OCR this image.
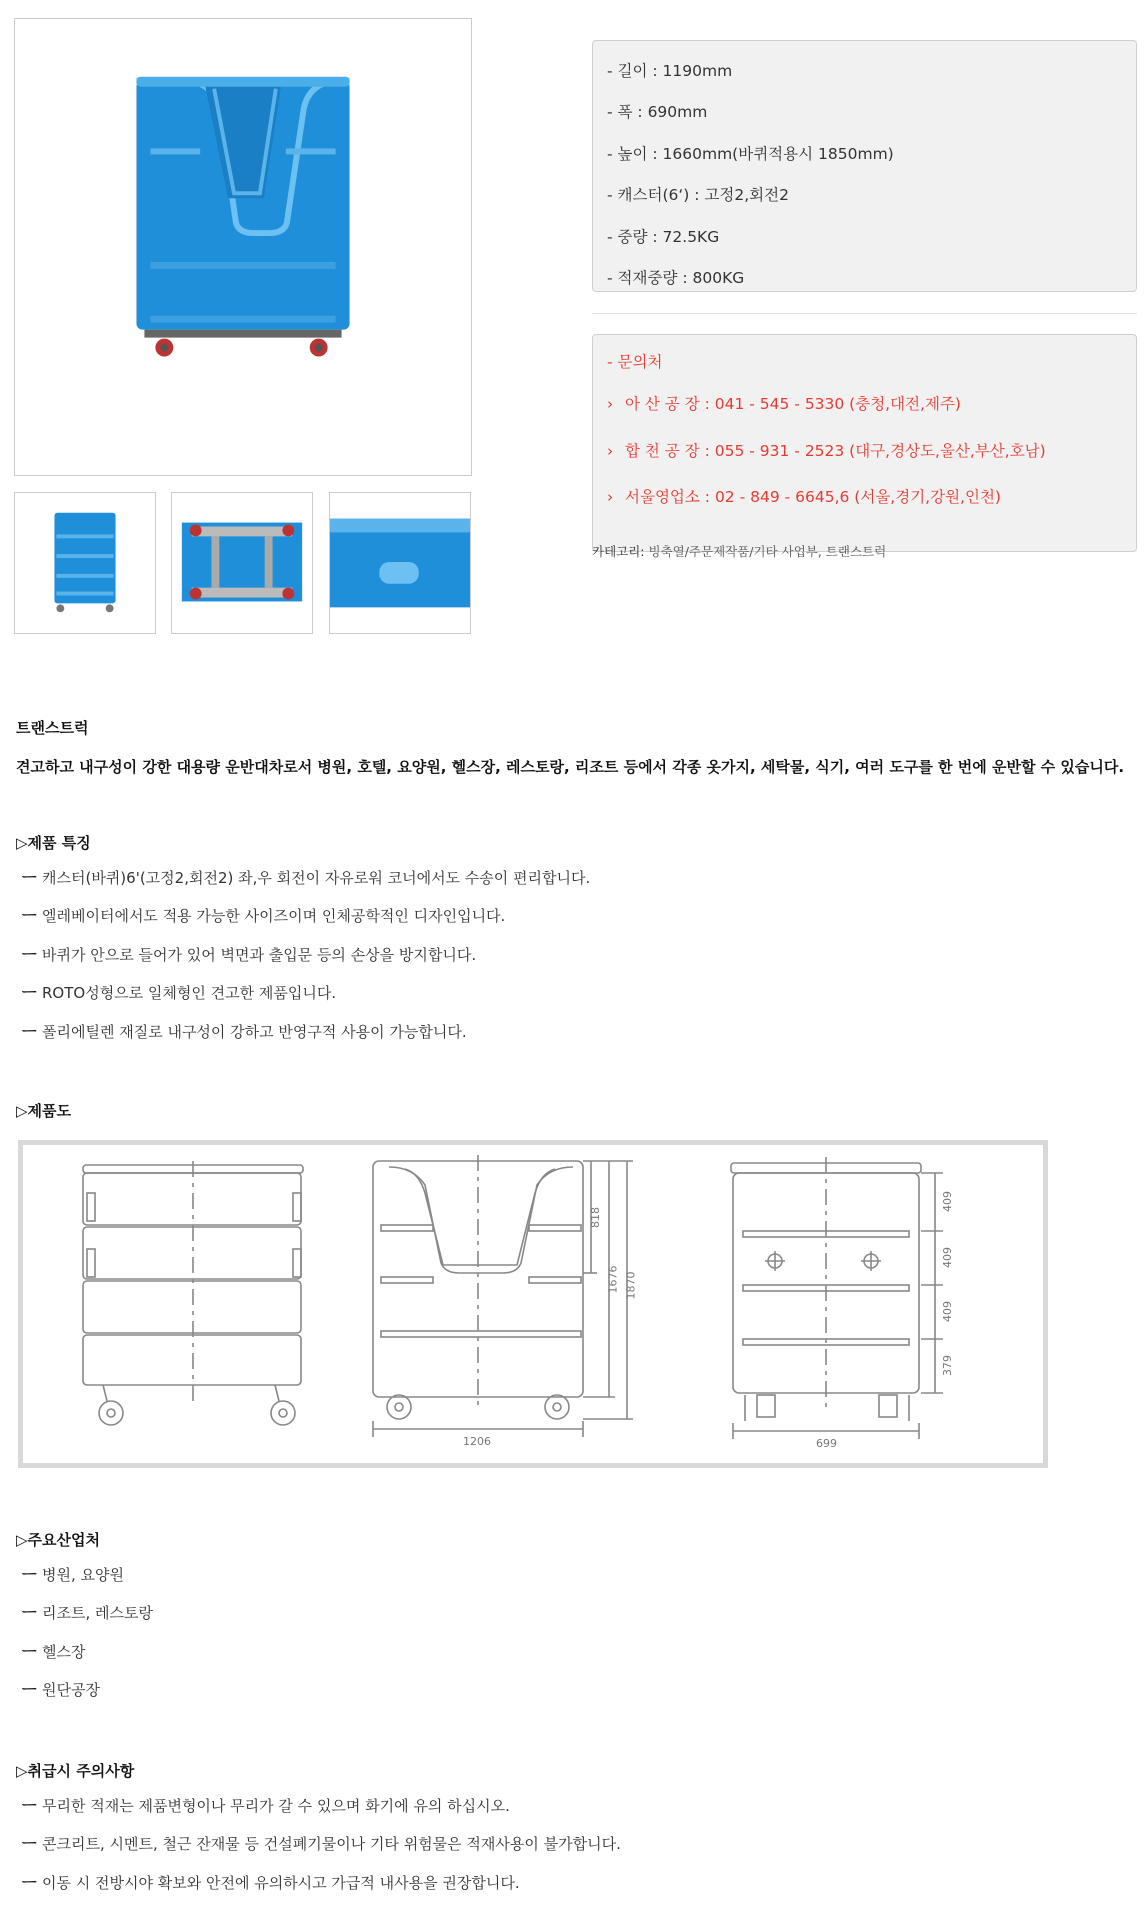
- 길이 : 1190mm
- 폭 : 690mm
- 높이 : 1660mm(바퀴적용시 1850mm)
- 캐스터(6‘) : 고정2,회전2
- 중량 : 72.5KG
- 적재중량 : 800KG
- 문의처
› 아 산 공 장 : 041 - 545 - 5330 (충청,대전,제주)
› 합 천 공 장 : 055 - 931 - 2523 (대구,경상도,울산,부산,호남)
› 서울영업소 : 02 - 849 - 6645,6 (서울,경기,강원,인천)
카테고리: 빙축열/주문제작품/기타 사업부, 트랜스트럭
트랜스트럭
견고하고 내구성이 강한 대용량 운반대차로서 병원, 호텔, 요양원, 헬스장, 레스토랑, 리조트 등에서 각종 옷가지, 세탁물, 식기, 여러 도구를 한 번에 운반할 수 있습니다.
▷제품 특징
ㅡ 캐스터(바퀴)6'(고정2,회전2) 좌,우 회전이 자유로워 코너에서도 수송이 편리합니다.
ㅡ 엘레베이터에서도 적용 가능한 사이즈이며 인체공학적인 디자인입니다.
ㅡ 바퀴가 안으로 들어가 있어 벽면과 출입문 등의 손상을 방지합니다.
ㅡ ROTO성형으로 일체형인 견고한 제품입니다.
ㅡ 폴리에틸렌 재질로 내구성이 강하고 반영구적 사용이 가능합니다.
▷제품도
1206
818
1676 1870
699
409
409
409
379
▷주요산업처
ㅡ 병원, 요양원
ㅡ 리조트, 레스토랑
ㅡ 헬스장
ㅡ 원단공장
▷취급시 주의사항
ㅡ 무리한 적재는 제품변형이나 무리가 갈 수 있으며 화기에 유의 하십시오.
ㅡ 콘크리트, 시멘트, 철근 잔재물 등 건설폐기물이나 기타 위험물은 적재사용이 불가합니다.
ㅡ 이동 시 전방시야 확보와 안전에 유의하시고 가급적 내사용을 권장합니다.
